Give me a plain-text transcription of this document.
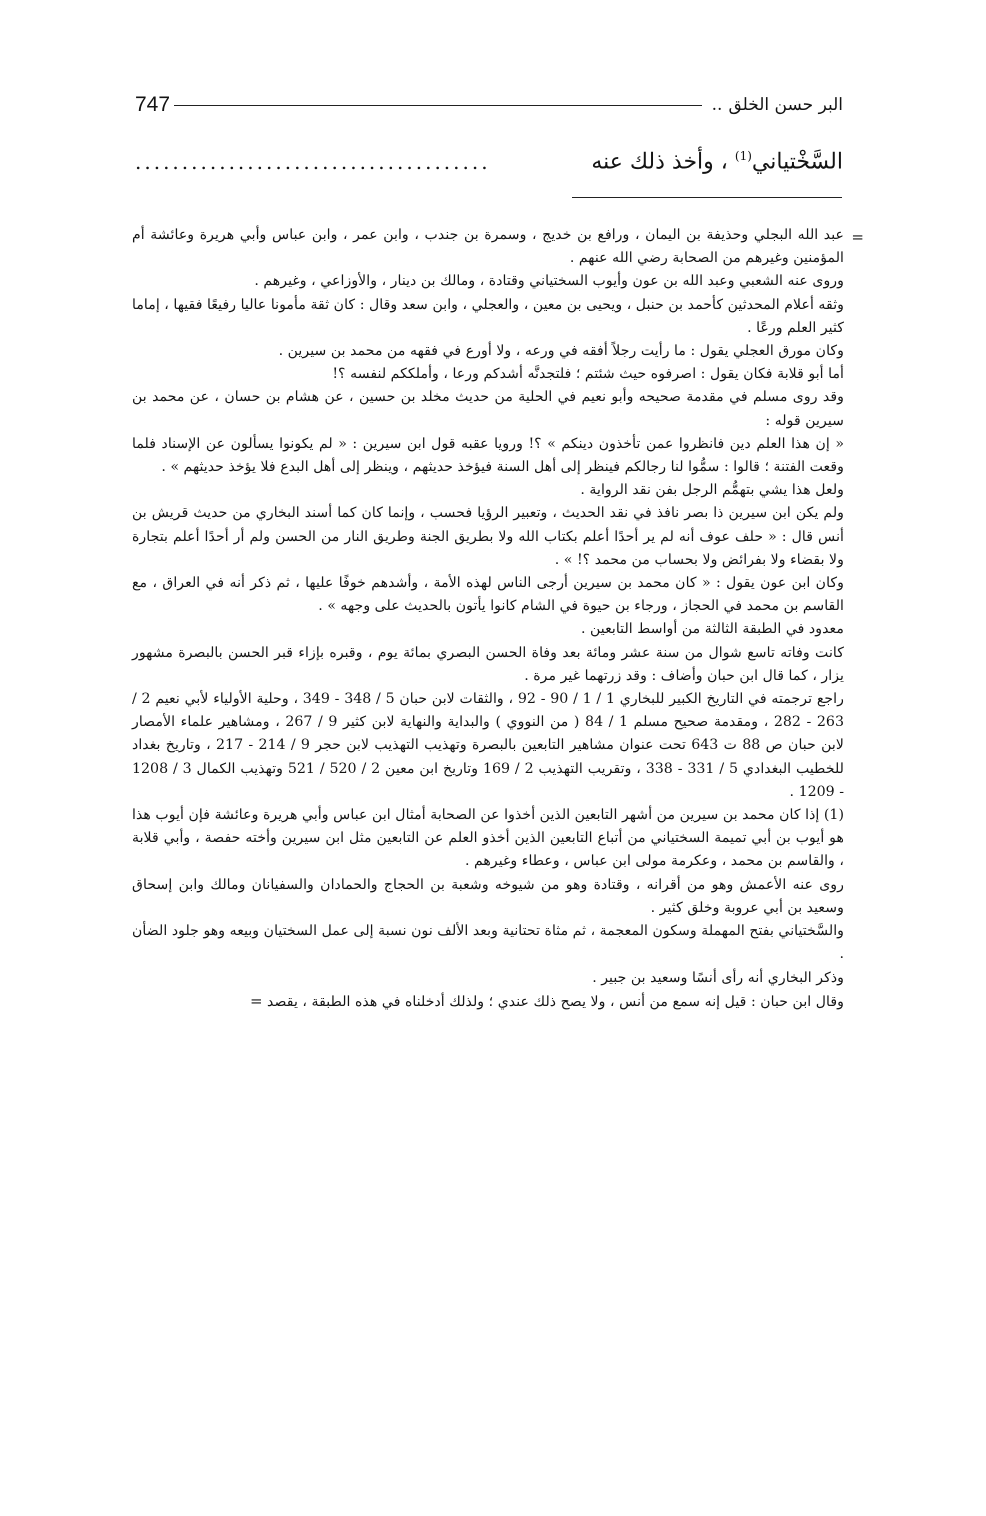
البر حسن الخلق
..
747
السَّخْتياني$^{(1)}$ ، وأخذ ذلك عنه
......................................
=

عبد الله البجلي وحذيفة بن اليمان ، ورافع بن خديج ، وسمرة بن جندب ، وابن عمر ، وابن عباس وأبي هريرة وعائشة أم المؤمنين وغيرهم من الصحابة رضي الله عنهم .

وروى عنه الشعبي وعبد الله بن عون وأيوب السختياني وقتادة ، ومالك بن دينار ، والأوزاعي ، وغيرهم .

وثقه أعلام المحدثين كأحمد بن حنبل ، ويحيى بن معين ، والعجلي ، وابن سعد وقال : كان ثقة مأمونا عاليا رفيعًا فقيها ، إماما كثير العلم ورعًا .

وكان مورق العجلي يقول : ما رأيت رجلاً أفقه في ورعه ، ولا أورع في فقهه من محمد بن سيرين .

أما أبو قلابة فكان يقول : اصرفوه حيث شئتم ؛ فلتجدنَّه أشدكم ورعا ، وأملككم لنفسه ؟!

وقد روى مسلم في مقدمة صحيحه وأبو نعيم في الحلية من حديث مخلد بن حسين ، عن هشام بن حسان ، عن محمد بن سيرين قوله :

« إن هذا العلم دين فانظروا عمن تأخذون دينكم » ؟! ورويا عقبه قول ابن سيرين : « لم يكونوا يسألون عن الإسناد فلما وقعت الفتنة ؛ قالوا : سمُّوا لنا رجالكم فينظر إلى أهل السنة فيؤخذ حديثهم ، وينظر إلى أهل البدع فلا يؤخذ حديثهم » .

ولعل هذا يشي بتهمُّم الرجل بفن نقد الرواية .

ولم يكن ابن سيرين ذا بصر نافذ في نقد الحديث ، وتعبير الرؤيا فحسب ، وإنما كان كما أسند البخاري من حديث قريش بن أنس قال : « حلف عوف أنه لم ير أحدًا أعلم بكتاب الله ولا بطريق الجنة وطريق النار من الحسن ولم أر أحدًا أعلم بتجارة ولا بقضاء ولا بفرائض ولا بحساب من محمد ؟! » .

وكان ابن عون يقول : « كان محمد بن سيرين أرجى الناس لهذه الأمة ، وأشدهم خوفًا عليها ، ثم ذكر أنه في العراق ، مع القاسم بن محمد في الحجاز ، ورجاء بن حيوة في الشام كانوا يأتون بالحديث على وجهه » .

معدود في الطبقة الثالثة من أواسط التابعين .

كانت وفاته تاسع شوال من سنة عشر ومائة بعد وفاة الحسن البصري بمائة يوم ، وقبره بإزاء قبر الحسن بالبصرة مشهور يزار ، كما قال ابن حبان وأضاف : وقد زرتهما غير مرة .

راجع ترجمته في التاريخ الكبير للبخاري 1 / 1 / 90 - 92 ، والثقات لابن حبان 5 / 348 - 349 ، وحلية الأولياء لأبي نعيم 2 / 263 - 282 ، ومقدمة صحيح مسلم 1 / 84 ( من النووي ) والبداية والنهاية لابن كثير 9 / 267 ، ومشاهير علماء الأمصار لابن حبان ص 88 ت 643 تحت عنوان مشاهير التابعين بالبصرة وتهذيب التهذيب لابن حجر 9 / 214 - 217 ، وتاريخ بغداد للخطيب البغدادي 5 / 331 - 338 ، وتقريب التهذيب 2 / 169 وتاريخ ابن معين 2 / 520 / 521 وتهذيب الكمال 3 / 1208 - 1209 .

(1) إذا كان محمد بن سيرين من أشهر التابعين الذين أخذوا عن الصحابة أمثال ابن عباس وأبي هريرة وعائشة فإن أيوب هذا هو أيوب بن أبي تميمة السختياني من أتباع التابعين الذين أخذو العلم عن التابعين مثل ابن سيرين وأخته حفصة ، وأبي قلابة ، والقاسم بن محمد ، وعكرمة مولى ابن عباس ، وعطاء وغيرهم .

روى عنه الأعمش وهو من أقرانه ، وقتادة وهو من شيوخه وشعبة بن الحجاج والحمادان والسفيانان ومالك وابن إسحاق وسعيد بن أبي عروبة وخلق كثير .

والسَّختياني بفتح المهملة وسكون المعجمة ، ثم مثاة تحتانية وبعد الألف نون نسبة إلى عمل السختيان وبيعه وهو جلود الضأن .

وذكر البخاري أنه رأى أنسًا وسعيد بن جبير .

وقال ابن حبان : قيل إنه سمع من أنس ، ولا يصح ذلك عندي ؛ ولذلك أدخلناه في هذه الطبقة ، يقصد =
